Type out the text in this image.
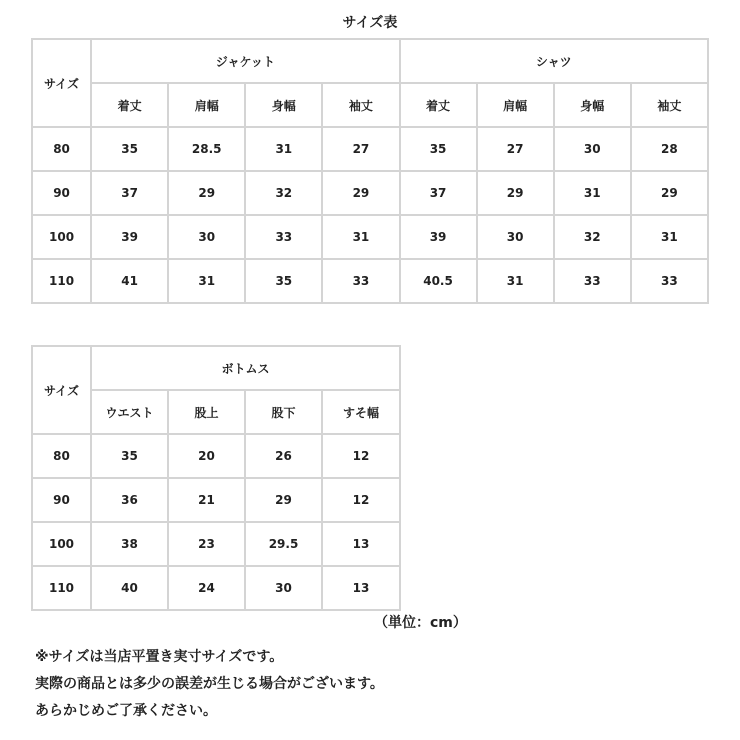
サイズ表
サイズ	ジャケット				シャツ			
	着丈	肩幅	身幅	袖丈	着丈	肩幅	身幅	袖丈
80	35	28.5	31	27	35	27	30	28
90	37	29	32	29	37	29	31	29
100	39	30	33	31	39	30	32	31
110	41	31	35	33	40.5	31	33	33
サイズ	ボトムス			
	ウエスト	股上	股下	すそ幅
80	35	20	26	12
90	36	21	29	12
100	38	23	29.5	13
110	40	24	30	13
（単位：cm）
※サイズは当店平置き実寸サイズです。
実際の商品とは多少の誤差が生じる場合がございます。
あらかじめご了承ください。
